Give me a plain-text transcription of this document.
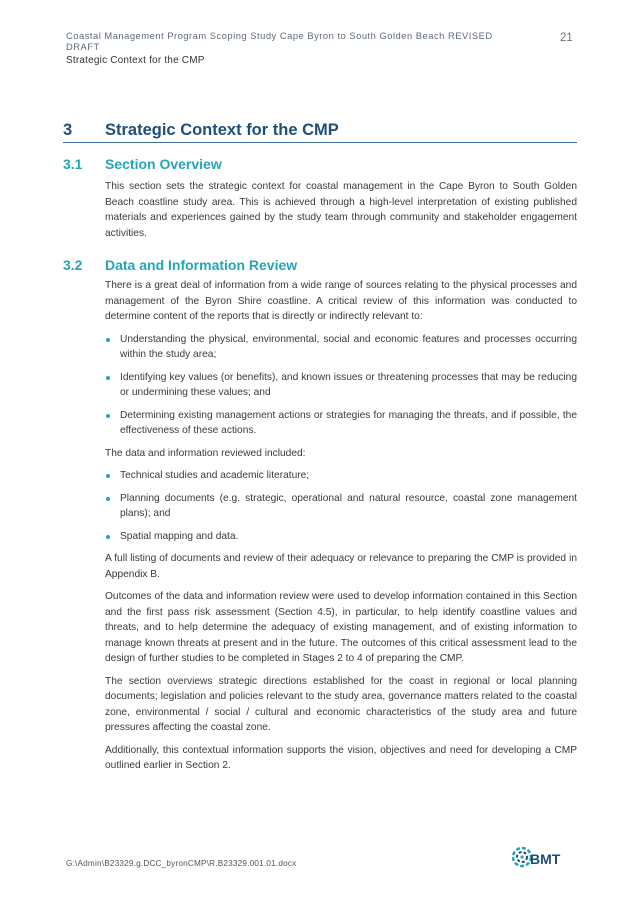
Coastal Management Program Scoping Study Cape Byron to South Golden Beach REVISED DRAFT
21
Strategic Context for the CMP
3 Strategic Context for the CMP
3.1 Section Overview

This section sets the strategic context for coastal management in the Cape Byron to South Golden Beach coastline study area. This is achieved through a high-level interpretation of existing published materials and experiences gained by the study team through community and stakeholder engagement activities.

3.2 Data and Information Review

There is a great deal of information from a wide range of sources relating to the physical processes and management of the Byron Shire coastline. A critical review of this information was conducted to determine content of the reports that is directly or indirectly relevant to:

Understanding the physical, environmental, social and economic features and processes occurring within the study area;
Identifying key values (or benefits), and known issues or threatening processes that may be reducing or undermining these values; and
Determining existing management actions or strategies for managing the threats, and if possible, the effectiveness of these actions.

The data and information reviewed included:

Technical studies and academic literature;
Planning documents (e.g. strategic, operational and natural resource, coastal zone management plans); and
Spatial mapping and data.

A full listing of documents and review of their adequacy or relevance to preparing the CMP is provided in Appendix B.

Outcomes of the data and information review were used to develop information contained in this Section and the first pass risk assessment (Section 4.5), in particular, to help identify coastline values and threats, and to help determine the adequacy of existing management, and of existing information to manage known threats at present and in the future. The outcomes of this critical assessment lead to the design of further studies to be completed in Stages 2 to 4 of preparing the CMP.

The section overviews strategic directions established for the coast in regional or local planning documents; legislation and policies relevant to the study area, governance matters related to the coastal zone, environmental / social / cultural and economic characteristics of the study area and future pressures affecting the coastal zone.

Additionally, this contextual information supports the vision, objectives and need for developing a CMP outlined earlier in Section 2.

G:\Admin\B23329.g.DCC_byronCMP\R.B23329.001.01.docx	BMT
